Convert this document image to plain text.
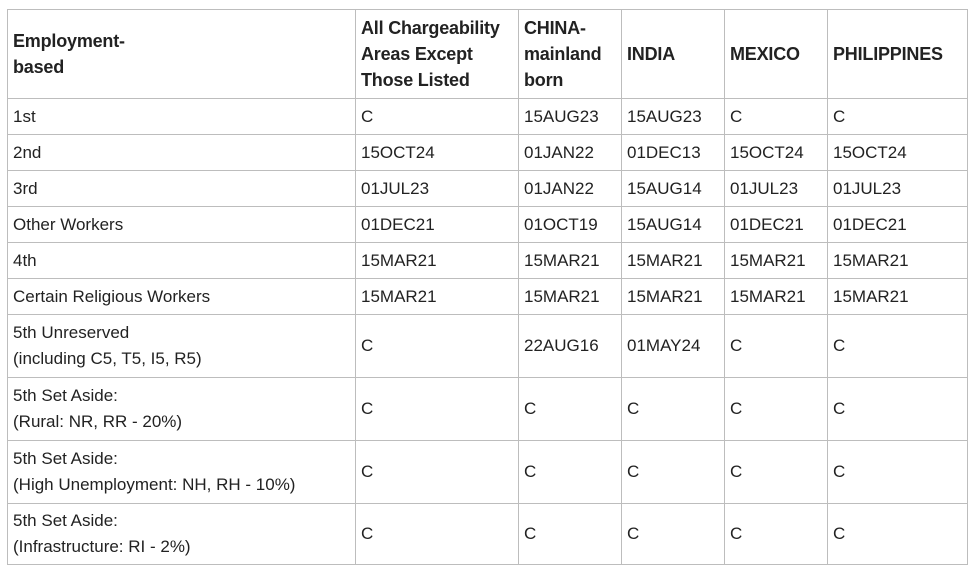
Employment-
based	All Chargeability
Areas Except
Those Listed	CHINA-
mainland
born	INDIA	MEXICO	PHILIPPINES
1st	C	15AUG23	15AUG23	C	C
2nd	15OCT24	01JAN22	01DEC13	15OCT24	15OCT24
3rd	01JUL23	01JAN22	15AUG14	01JUL23	01JUL23
Other Workers	01DEC21	01OCT19	15AUG14	01DEC21	01DEC21
4th	15MAR21	15MAR21	15MAR21	15MAR21	15MAR21
Certain Religious Workers	15MAR21	15MAR21	15MAR21	15MAR21	15MAR21
5th Unreserved
(including C5, T5, I5, R5)	C	22AUG16	01MAY24	C	C
5th Set Aside:
(Rural: NR, RR - 20%)	C	C	C	C	C
5th Set Aside:
(High Unemployment: NH, RH - 10%)	C	C	C	C	C
5th Set Aside:
(Infrastructure: RI - 2%)	C	C	C	C	C
